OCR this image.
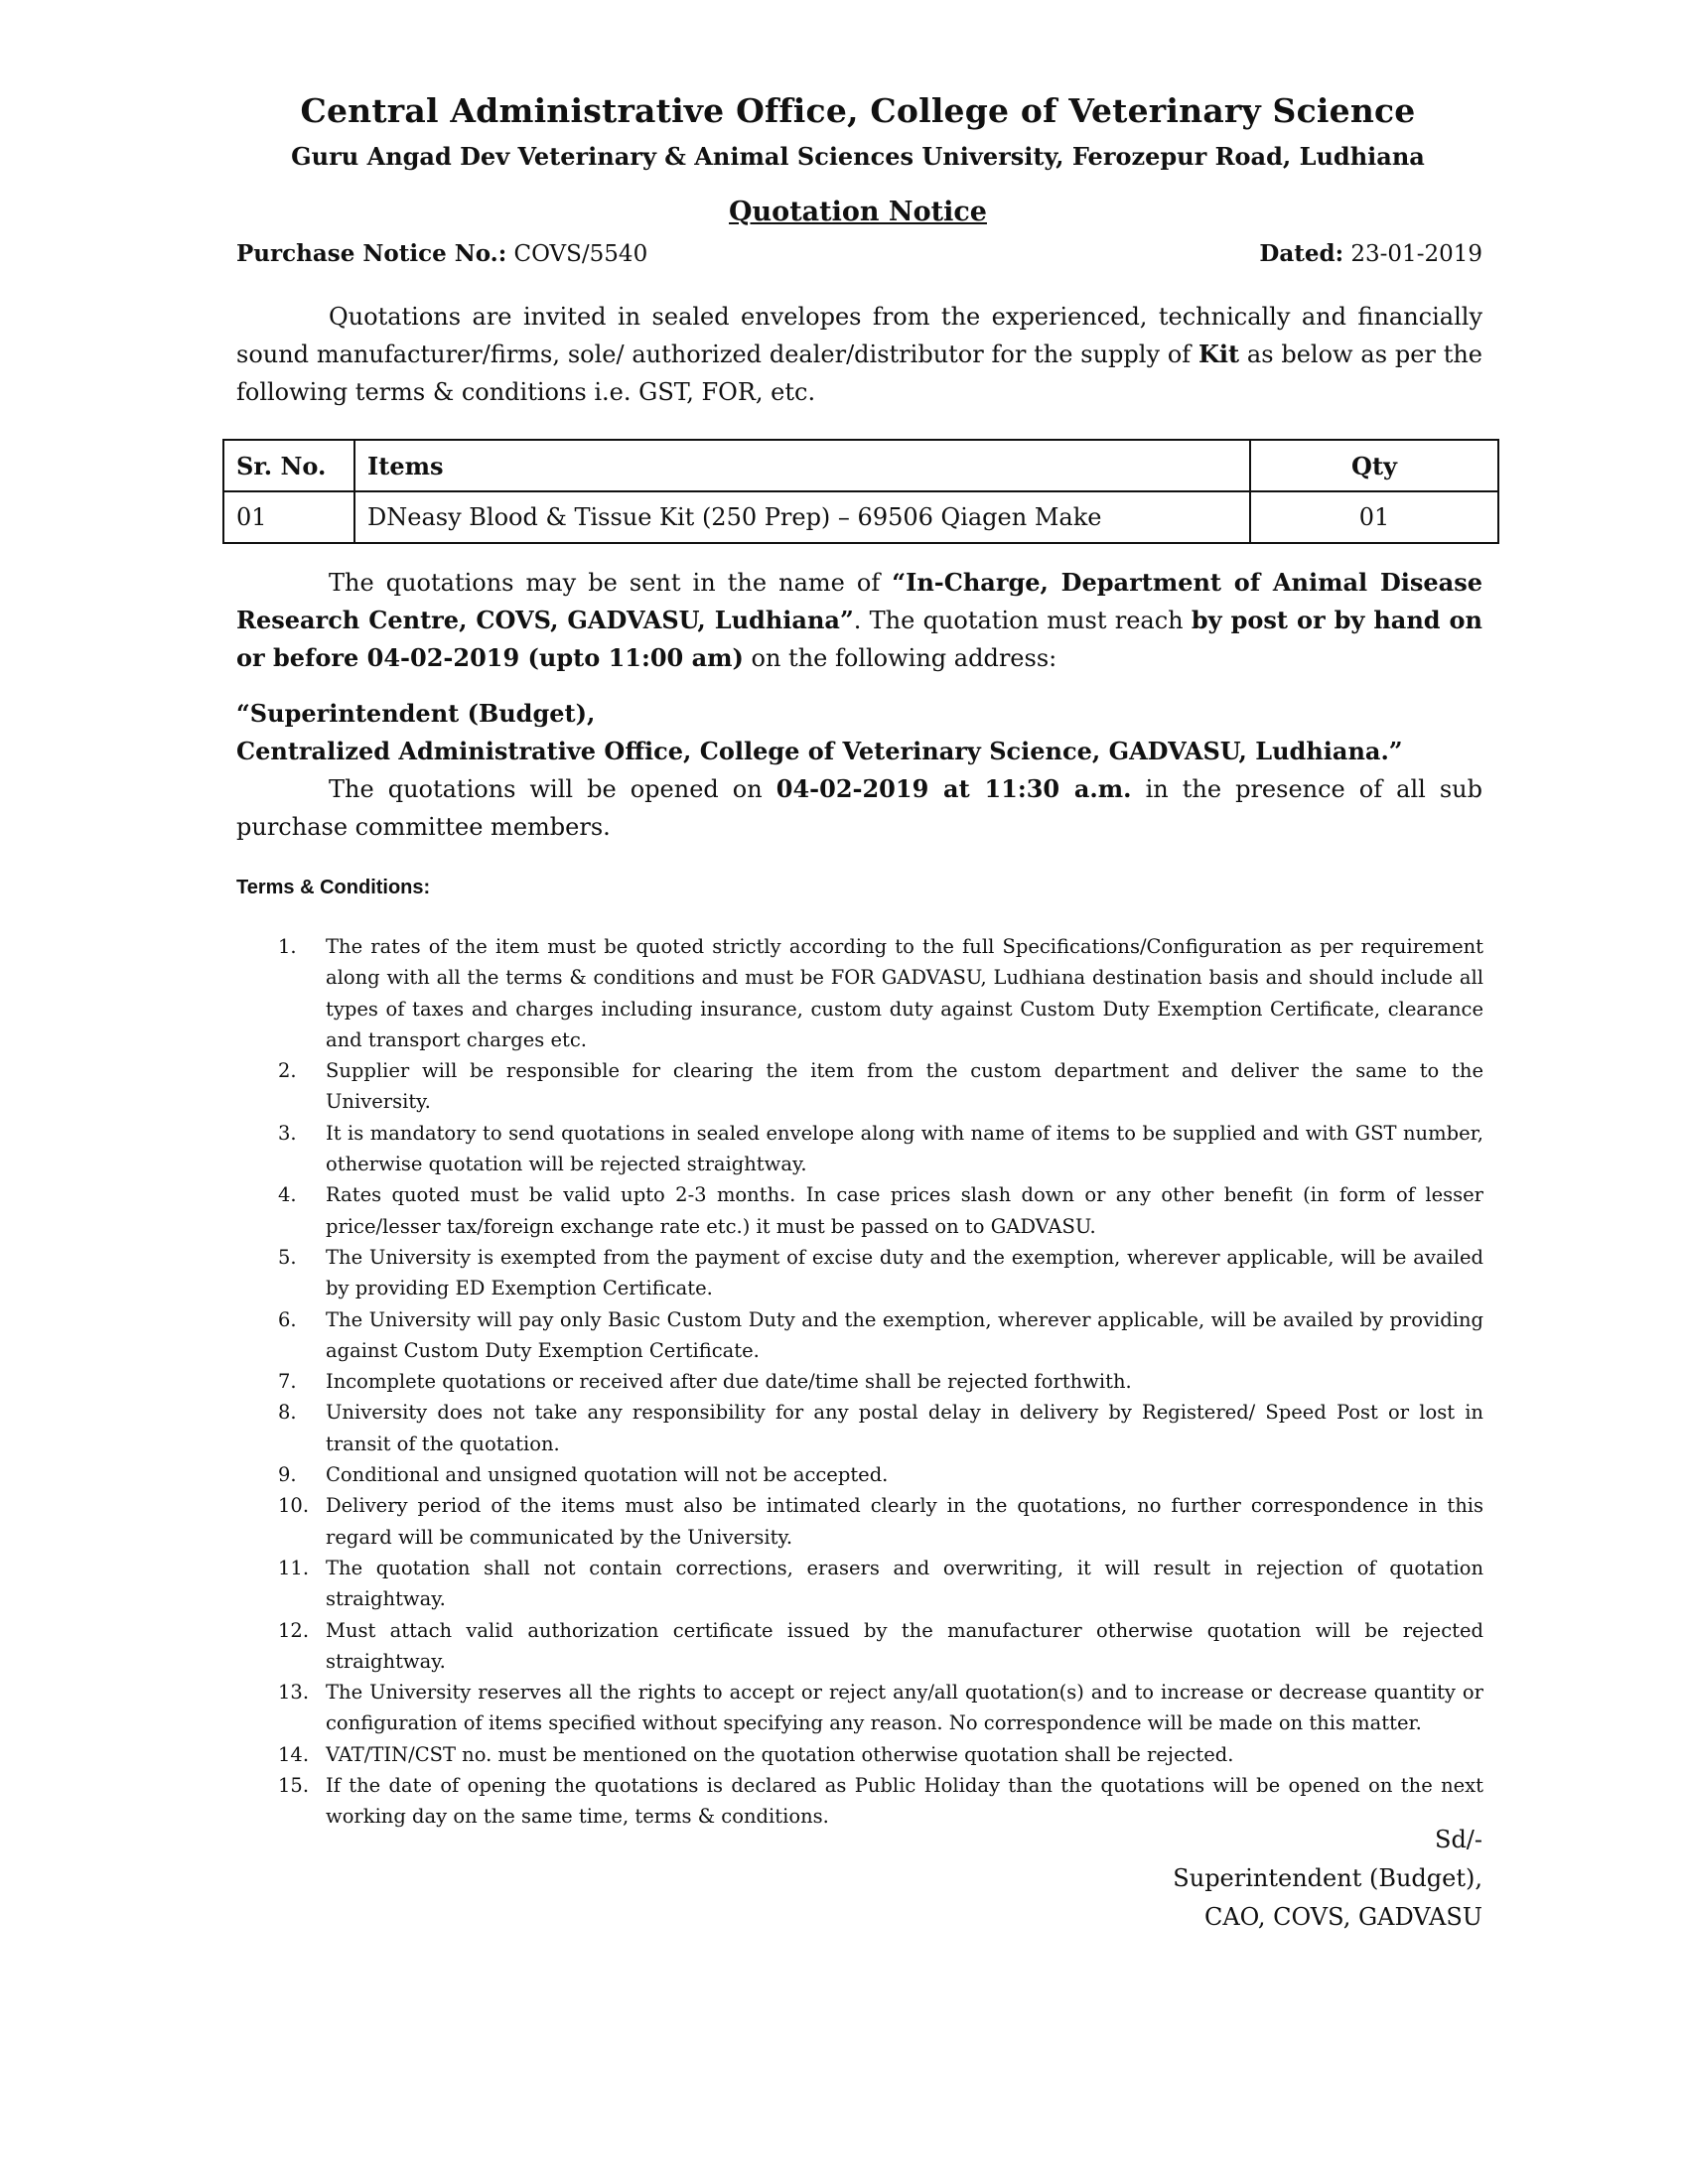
Central Administrative Office, College of Veterinary Science
Guru Angad Dev Veterinary & Animal Sciences University, Ferozepur Road, Ludhiana
Quotation Notice
Purchase Notice No.: COVS/5540	Dated: 23-01-2019
Quotations are invited in sealed envelopes from the experienced, technically and financially sound manufacturer/firms, sole/ authorized dealer/distributor for the supply of Kit as below as per the following terms & conditions i.e. GST, FOR, etc.
Sr. No.	Items	Qty
01	DNeasy Blood & Tissue Kit (250 Prep) – 69506 Qiagen Make	01
The quotations may be sent in the name of “In-Charge, Department of Animal Disease Research Centre, COVS, GADVASU, Ludhiana”. The quotation must reach by post or by hand on or before 04-02-2019 (upto 11:00 am) on the following address:
“Superintendent (Budget),
Centralized Administrative Office, College of Veterinary Science, GADVASU, Ludhiana.”
The quotations will be opened on 04-02-2019 at 11:30 a.m. in the presence of all sub purchase committee members.
Terms & Conditions:
1.	The rates of the item must be quoted strictly according to the full Specifications/Configuration as per requirement along with all the terms & conditions and must be FOR GADVASU, Ludhiana destination basis and should include all types of taxes and charges including insurance, custom duty against Custom Duty Exemption Certificate, clearance and transport charges etc.
2.	Supplier will be responsible for clearing the item from the custom department and deliver the same to the University.
3.	It is mandatory to send quotations in sealed envelope along with name of items to be supplied and with GST number, otherwise quotation will be rejected straightway.
4.	Rates quoted must be valid upto 2-3 months. In case prices slash down or any other benefit (in form of lesser price/lesser tax/foreign exchange rate etc.) it must be passed on to GADVASU.
5.	The University is exempted from the payment of excise duty and the exemption, wherever applicable, will be availed by providing ED Exemption Certificate.
6.	The University will pay only Basic Custom Duty and the exemption, wherever applicable, will be availed by providing against Custom Duty Exemption Certificate.
7.	Incomplete quotations or received after due date/time shall be rejected forthwith.
8.	University does not take any responsibility for any postal delay in delivery by Registered/ Speed Post or lost in transit of the quotation.
9.	Conditional and unsigned quotation will not be accepted.
10. Delivery period of the items must also be intimated clearly in the quotations, no further correspondence in this regard will be communicated by the University.
11. The quotation shall not contain corrections, erasers and overwriting, it will result in rejection of quotation straightway.
12. Must attach valid authorization certificate issued by the manufacturer otherwise quotation will be rejected straightway.
13. The University reserves all the rights to accept or reject any/all quotation(s) and to increase or decrease quantity or configuration of items specified without specifying any reason. No correspondence will be made on this matter.
14. VAT/TIN/CST no. must be mentioned on the quotation otherwise quotation shall be rejected.
15. If the date of opening the quotations is declared as Public Holiday than the quotations will be opened on the next working day on the same time, terms & conditions.
Sd/-
Superintendent (Budget),
CAO, COVS, GADVASU
